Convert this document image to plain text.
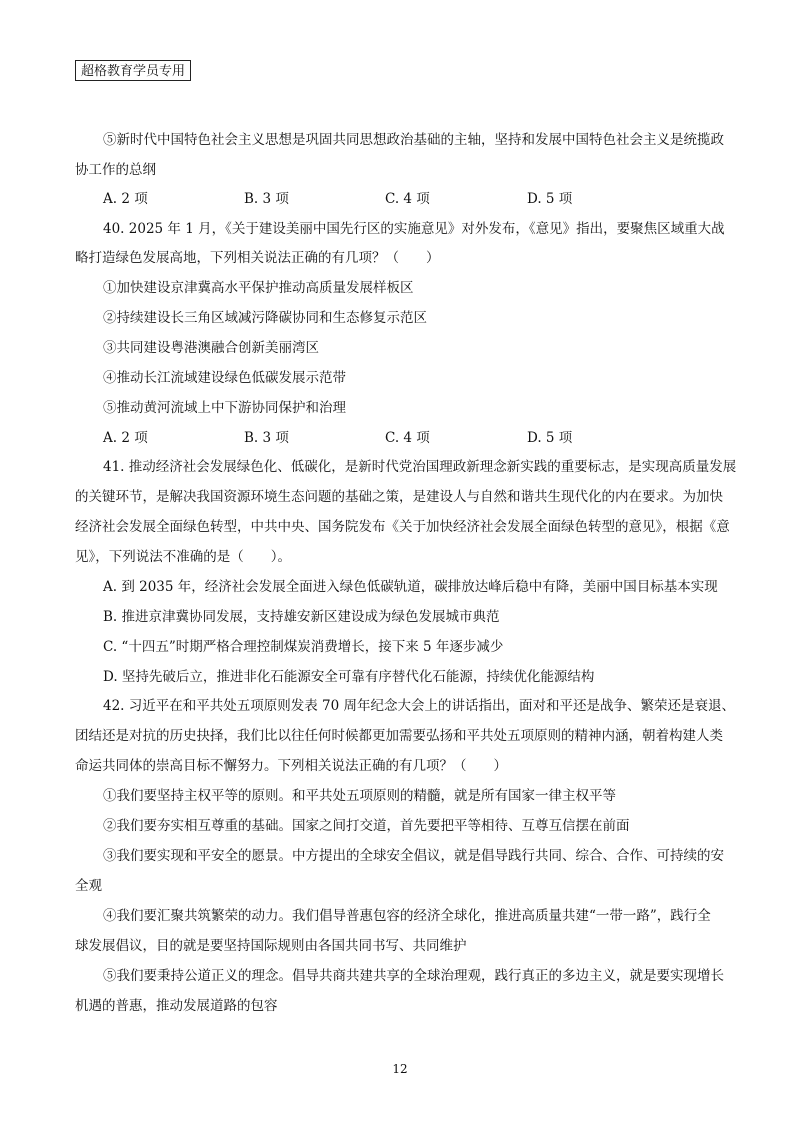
超格教育学员专用
⑤新时代中国特色社会主义思想是巩固共同思想政治基础的主轴，坚持和发展中国特色社会主义是统揽政
协工作的总纲
A. 2 项	B. 3 项	C. 4 项	D. 5 项
40. 2025 年 1 月，《关于建设美丽中国先行区的实施意见》对外发布，《意见》指出，要聚焦区域重大战
略打造绿色发展高地，下列相关说法正确的有几项？（　　）
①加快建设京津冀高水平保护推动高质量发展样板区
②持续建设长三角区域减污降碳协同和生态修复示范区
③共同建设粤港澳融合创新美丽湾区
④推动长江流域建设绿色低碳发展示范带
⑤推动黄河流域上中下游协同保护和治理
A. 2 项	B. 3 项	C. 4 项	D. 5 项
41. 推动经济社会发展绿色化、低碳化，是新时代党治国理政新理念新实践的重要标志，是实现高质量发展
的关键环节，是解决我国资源环境生态问题的基础之策，是建设人与自然和谐共生现代化的内在要求。为加快
经济社会发展全面绿色转型，中共中央、国务院发布《关于加快经济社会发展全面绿色转型的意见》，根据《意
见》，下列说法不准确的是（　　）。
A. 到 2035 年，经济社会发展全面进入绿色低碳轨道，碳排放达峰后稳中有降，美丽中国目标基本实现
B. 推进京津冀协同发展，支持雄安新区建设成为绿色发展城市典范
C. “十四五”时期严格合理控制煤炭消费增长，接下来 5 年逐步减少
D. 坚持先破后立，推进非化石能源安全可靠有序替代化石能源，持续优化能源结构
42. 习近平在和平共处五项原则发表 70 周年纪念大会上的讲话指出，面对和平还是战争、繁荣还是衰退、
团结还是对抗的历史抉择，我们比以往任何时候都更加需要弘扬和平共处五项原则的精神内涵，朝着构建人类
命运共同体的崇高目标不懈努力。下列相关说法正确的有几项？（　　）
①我们要坚持主权平等的原则。和平共处五项原则的精髓，就是所有国家一律主权平等
②我们要夯实相互尊重的基础。国家之间打交道，首先要把平等相待、互尊互信摆在前面
③我们要实现和平安全的愿景。中方提出的全球安全倡议，就是倡导践行共同、综合、合作、可持续的安
全观
④我们要汇聚共筑繁荣的动力。我们倡导普惠包容的经济全球化，推进高质量共建“一带一路”，践行全
球发展倡议，目的就是要坚持国际规则由各国共同书写、共同维护
⑤我们要秉持公道正义的理念。倡导共商共建共享的全球治理观，践行真正的多边主义，就是要实现增长
机遇的普惠，推动发展道路的包容
12
